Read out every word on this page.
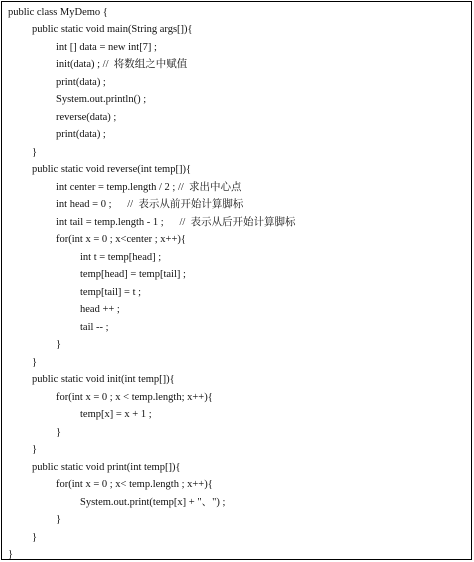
public class MyDemo {
public static void main(String args[]){
int [] data = new int[7] ;
init(data) ; //  将数组之中赋值
print(data) ;
System.out.println() ;
reverse(data) ;
print(data) ;
}
public static void reverse(int temp[]){
int center = temp.length / 2 ; //  求出中心点
int head = 0 ;      //  表示从前开始计算脚标
int tail = temp.length - 1 ;      //  表示从后开始计算脚标
for(int x = 0 ; x<center ; x++){
int t = temp[head] ;
temp[head] = temp[tail] ;
temp[tail] = t ;
head ++ ;
tail -- ;
}
}
public static void init(int temp[]){
for(int x = 0 ; x < temp.length; x++){
temp[x] = x + 1 ;
}
}
public static void print(int temp[]){
for(int x = 0 ; x< temp.length ; x++){
System.out.print(temp[x] + "、") ;
}
}
}
